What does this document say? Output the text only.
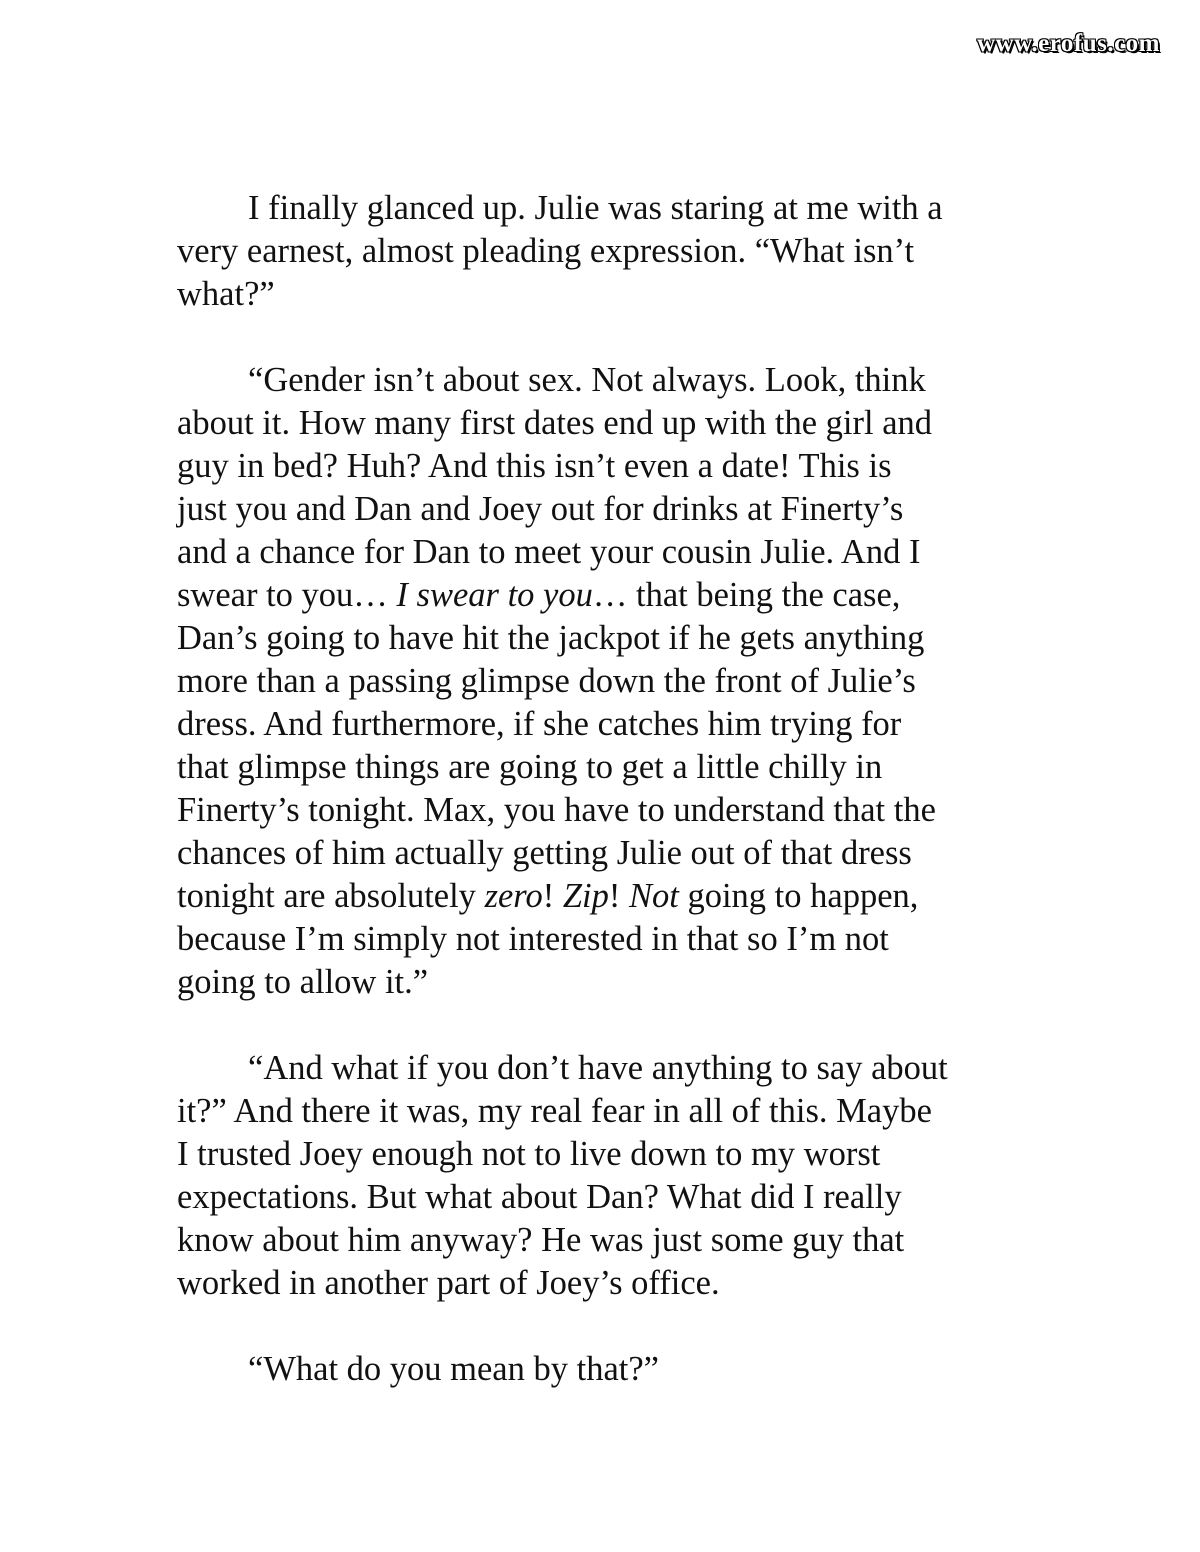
www.erofus.com
I finally glanced up. Julie was staring at me with a
very earnest, almost pleading expression. “What isn’t
what?”
“Gender isn’t about sex. Not always. Look, think
about it. How many first dates end up with the girl and
guy in bed? Huh? And this isn’t even a date! This is
just you and Dan and Joey out for drinks at Finerty’s
and a chance for Dan to meet your cousin Julie. And I
swear to you… I swear to you… that being the case,
Dan’s going to have hit the jackpot if he gets anything
more than a passing glimpse down the front of Julie’s
dress. And furthermore, if she catches him trying for
that glimpse things are going to get a little chilly in
Finerty’s tonight. Max, you have to understand that the
chances of him actually getting Julie out of that dress
tonight are absolutely zero! Zip! Not going to happen,
because I’m simply not interested in that so I’m not
going to allow it.”
“And what if you don’t have anything to say about
it?” And there it was, my real fear in all of this. Maybe
I trusted Joey enough not to live down to my worst
expectations. But what about Dan? What did I really
know about him anyway? He was just some guy that
worked in another part of Joey’s office.
“What do you mean by that?”
